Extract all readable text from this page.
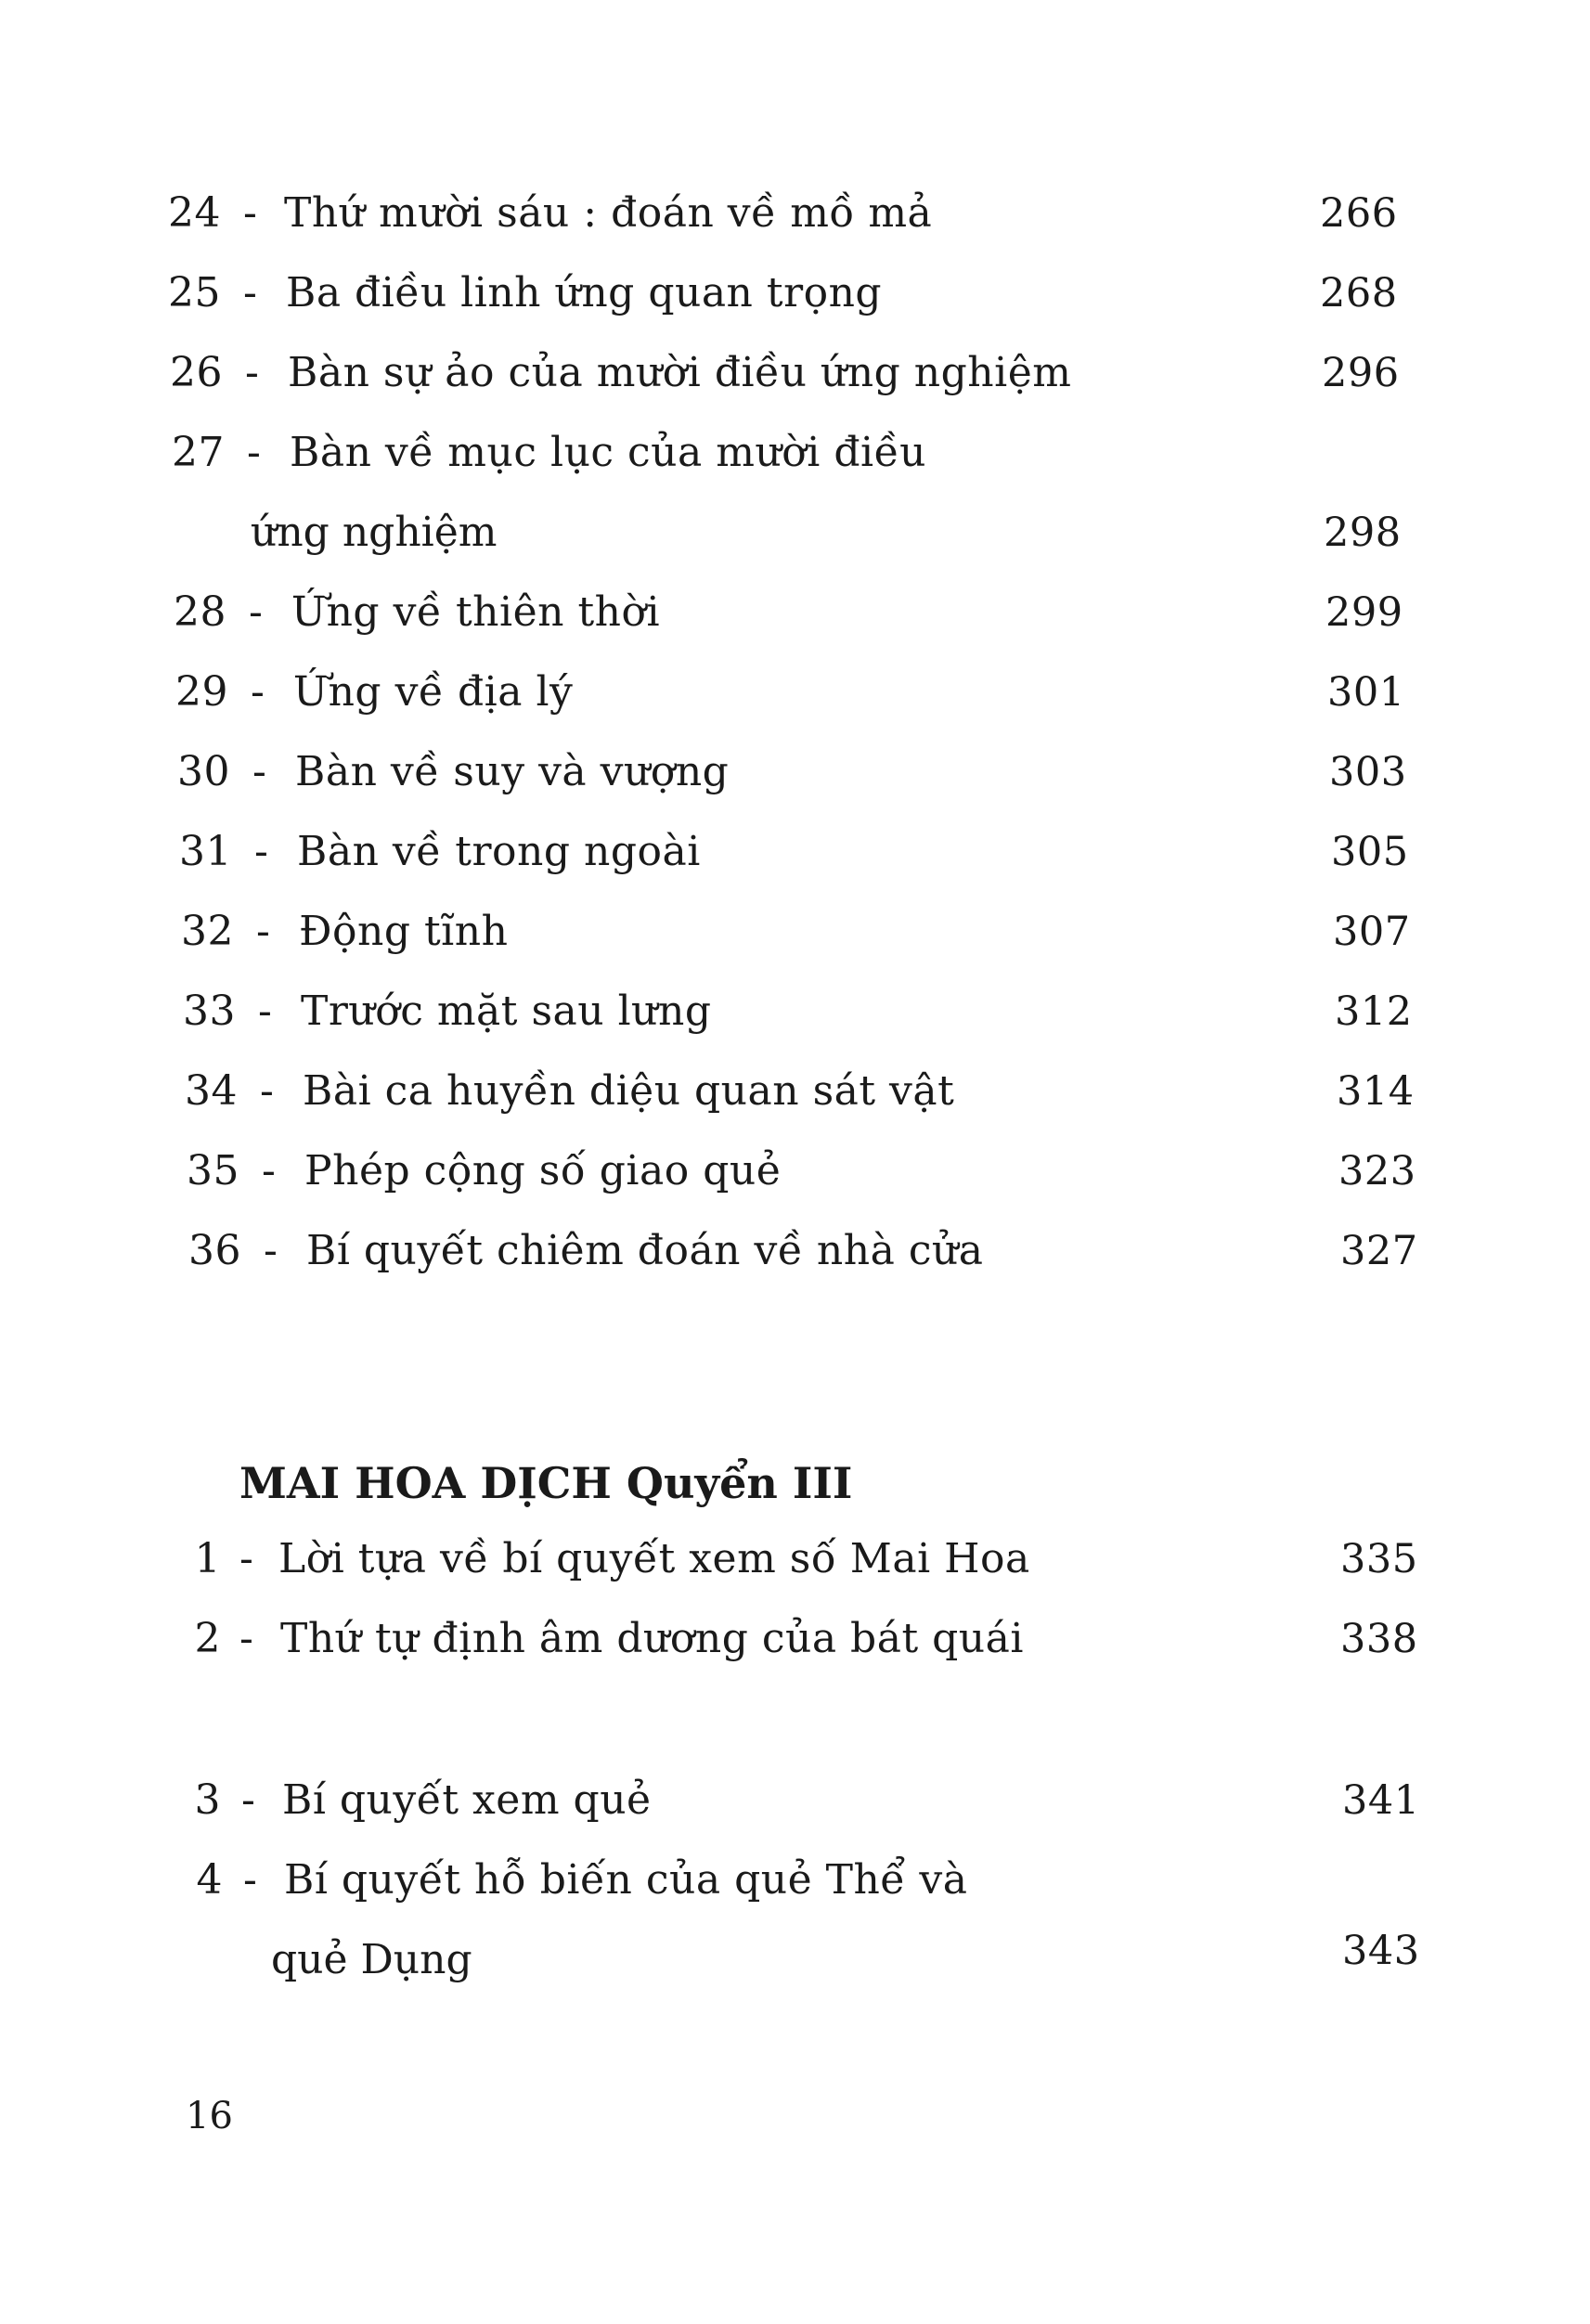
24 - Thứ mười sáu : đoán về mồ mả	266
25 - Ba điều linh ứng quan trọng	268
26 - Bàn sự ảo của mười điều ứng nghiệm	296
27 - Bàn về mục lục của mười điều
ứng nghiệm	298
28 - Ứng về thiên thời	299
29 - Ứng về địa lý	301
30 - Bàn về suy và vượng	303
31 - Bàn về trong ngoài	305
32 - Động tĩnh	307
33 - Trước mặt sau lưng	312
34 - Bài ca huyền diệu quan sát vật	314
35 - Phép cộng số giao quẻ	323
36 - Bí quyết chiêm đoán về nhà cửa	327
MAI HOA DỊCH Quyển III
1 - Lời tựa về bí quyết xem số Mai Hoa	335
2 - Thứ tự định âm dương của bát quái	338
3 - Bí quyết xem quẻ	341
4 - Bí quyết hỗ biến của quẻ Thể và
quẻ Dụng	343
16
